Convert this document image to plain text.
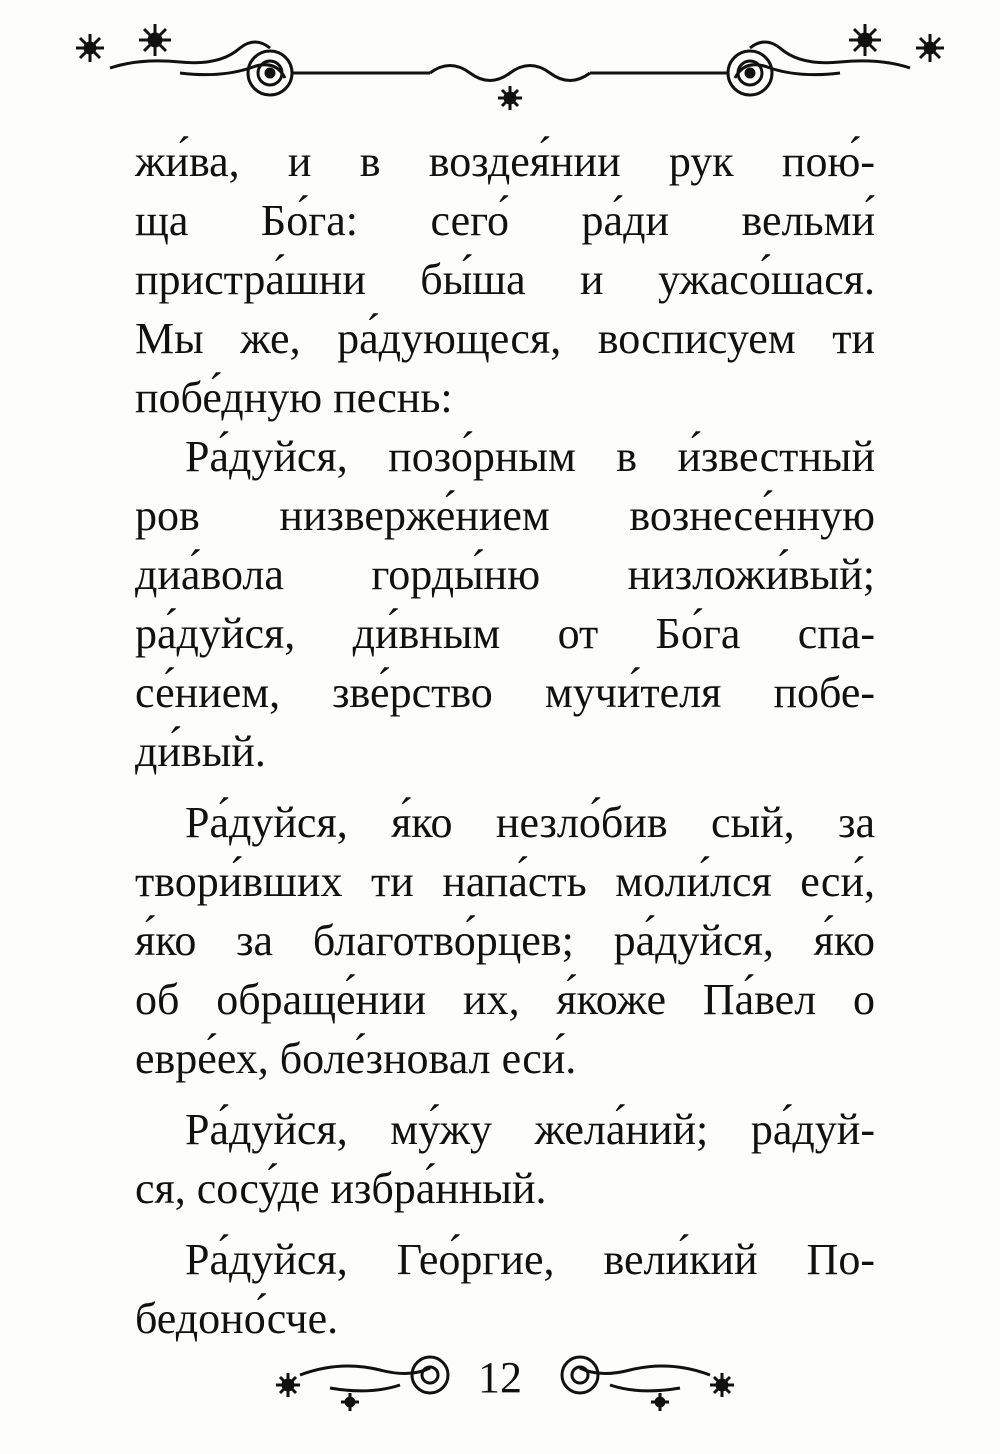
жи́ва, и в воздея́нии рук пою́-
ща Бо́га: сего́ ра́ди вельми́
пристра́шни бы́ша и ужасо́шася.
Мы же, ра́дующеся, восписуем ти
побе́дную песнь:
Ра́дуйся, позо́рным в и́звестный
ров низверже́нием вознесе́нную
диа́вола горды́ню низложи́вый;
ра́дуйся, ди́вным от Бо́га спа-
се́нием, зве́рство мучи́теля побе-
ди́вый.
Ра́дуйся, я́ко незло́бив сый, за
твори́вших ти напа́сть моли́лся еси́,
я́ко за благотво́рцев; ра́дуйся, я́ко
об обраще́нии их, я́коже Па́вел о
евре́ех, боле́зновал еси́.
Ра́дуйся, му́жу жела́ний; ра́дуй-
ся, сосу́де избра́нный.
Ра́дуйся, Гео́ргие, вели́кий По-
бедоно́сче.
12
